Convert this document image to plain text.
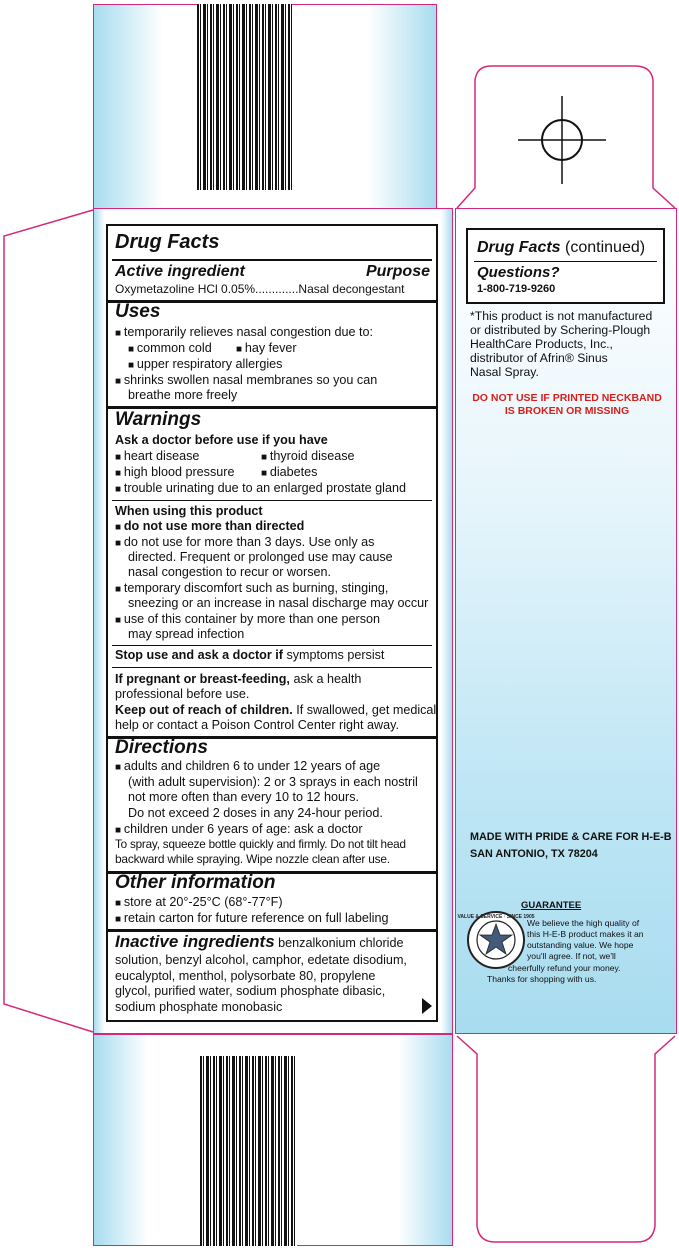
Drug Facts
Active ingredient	Purpose
Oxymetazoline HCl 0.05%.............Nasal decongestant
Uses
■ temporarily relieves nasal congestion due to:
■ common cold	■ hay fever
■ upper respiratory allergies
■ shrinks swollen nasal membranes so you can
breathe more freely
Warnings
Ask a doctor before use if you have
■ heart disease	■ thyroid disease
■ high blood pressure	■ diabetes
■ trouble urinating due to an enlarged prostate gland
When using this product
■ do not use more than directed
■ do not use for more than 3 days. Use only as
directed. Frequent or prolonged use may cause
nasal congestion to recur or worsen.
■ temporary discomfort such as burning, stinging,
sneezing or an increase in nasal discharge may occur
■ use of this container by more than one person
may spread infection
Stop use and ask a doctor if symptoms persist
If pregnant or breast-feeding, ask a health
professional before use.
Keep out of reach of children. If swallowed, get medical
help or contact a Poison Control Center right away.
Directions
■ adults and children 6 to under 12 years of age
(with adult supervision): 2 or 3 sprays in each nostril
not more often than every 10 to 12 hours.
Do not exceed 2 doses in any 24-hour period.
■ children under 6 years of age: ask a doctor
To spray, squeeze bottle quickly and firmly. Do not tilt head
backward while spraying. Wipe nozzle clean after use.
Other information
■ store at 20°-25°C (68°-77°F)
■ retain carton for future reference on full labeling
Inactive ingredients benzalkonium chloride
solution, benzyl alcohol, camphor, edetate disodium,
eucalyptol, menthol, polysorbate 80, propylene
glycol, purified water, sodium phosphate dibasic,
sodium phosphate monobasic
Drug Facts (continued)
Questions?
1-800-719-9260
*This product is not manufactured
or distributed by Schering-Plough
HealthCare Products, Inc.,
distributor of Afrin® Sinus
Nasal Spray.
DO NOT USE IF PRINTED NECKBAND
IS BROKEN OR MISSING
MADE WITH PRIDE & CARE FOR H-E-B
SAN ANTONIO, TX 78204
GUARANTEE
VALUE & SERVICE · SINCE 1905
We believe the high quality of
this H-E-B product makes it an
outstanding value. We hope
you'll agree. If not, we'll
cheerfully refund your money.
Thanks for shopping with us.
